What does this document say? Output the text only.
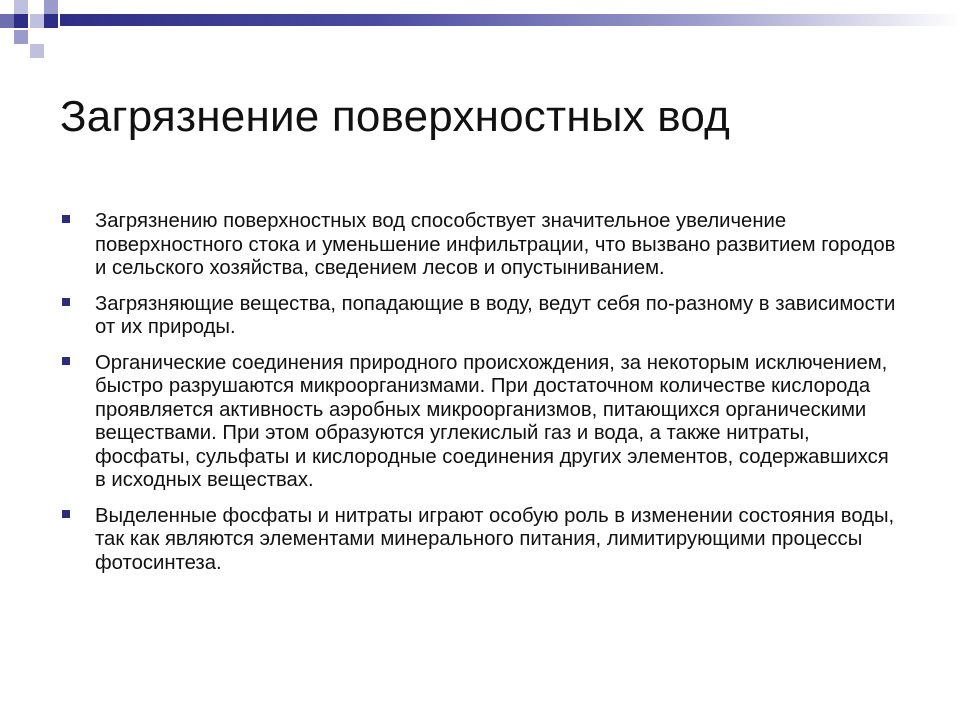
Загрязнение поверхностных вод
Загрязнению поверхностных вод способствует значительное увеличение поверхностного стока и уменьшение инфильтрации, что вызвано развитием городов и сельского хозяйства, сведением лесов и опустыниванием.
Загрязняющие вещества, попадающие в воду, ведут себя по-разному в зависимости от их природы.
Органические соединения природного происхождения, за некоторым исключением, быстро разрушаются микроорганизмами. При достаточном количестве кислорода проявляется активность аэробных микроорганизмов, питающихся органическими веществами. При этом образуются углекислый газ и вода, а также нитраты, фосфаты, сульфаты и кислородные соединения других элементов, содержавшихся в исходных веществах.
Выделенные фосфаты и нитраты играют особую роль в изменении состояния воды, так как являются элементами минерального питания, лимитирующими процессы фотосинтеза.
